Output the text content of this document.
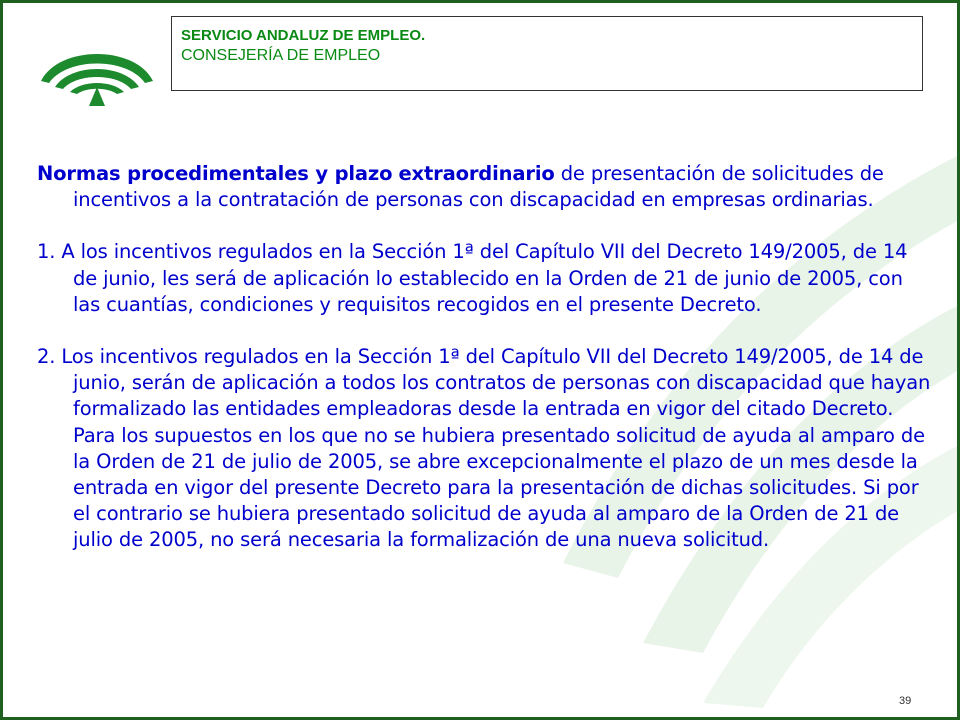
SERVICIO ANDALUZ DE EMPLEO.
CONSEJERÍA DE EMPLEO

Normas procedimentales y plazo extraordinario de presentación de solicitudes de incentivos a la contratación de personas con discapacidad en empresas ordinarias.

1. A los incentivos regulados en la Sección 1ª del Capítulo VII del Decreto 149/2005, de 14 de junio, les será de aplicación lo establecido en la Orden de 21 de junio de 2005, con las cuantías, condiciones y requisitos recogidos en el presente Decreto.

2. Los incentivos regulados en la Sección 1ª del Capítulo VII del Decreto 149/2005, de 14 de junio, serán de aplicación a todos los contratos de personas con discapacidad que hayan formalizado las entidades empleadoras desde la entrada en vigor del citado Decreto. Para los supuestos en los que no se hubiera presentado solicitud de ayuda al amparo de la Orden de 21 de julio de 2005, se abre excepcionalmente el plazo de un mes desde la entrada en vigor del presente Decreto para la presentación de dichas solicitudes. Si por el contrario se hubiera presentado solicitud de ayuda al amparo de la Orden de 21 de julio de 2005, no será necesaria la formalización de una nueva solicitud.

39
